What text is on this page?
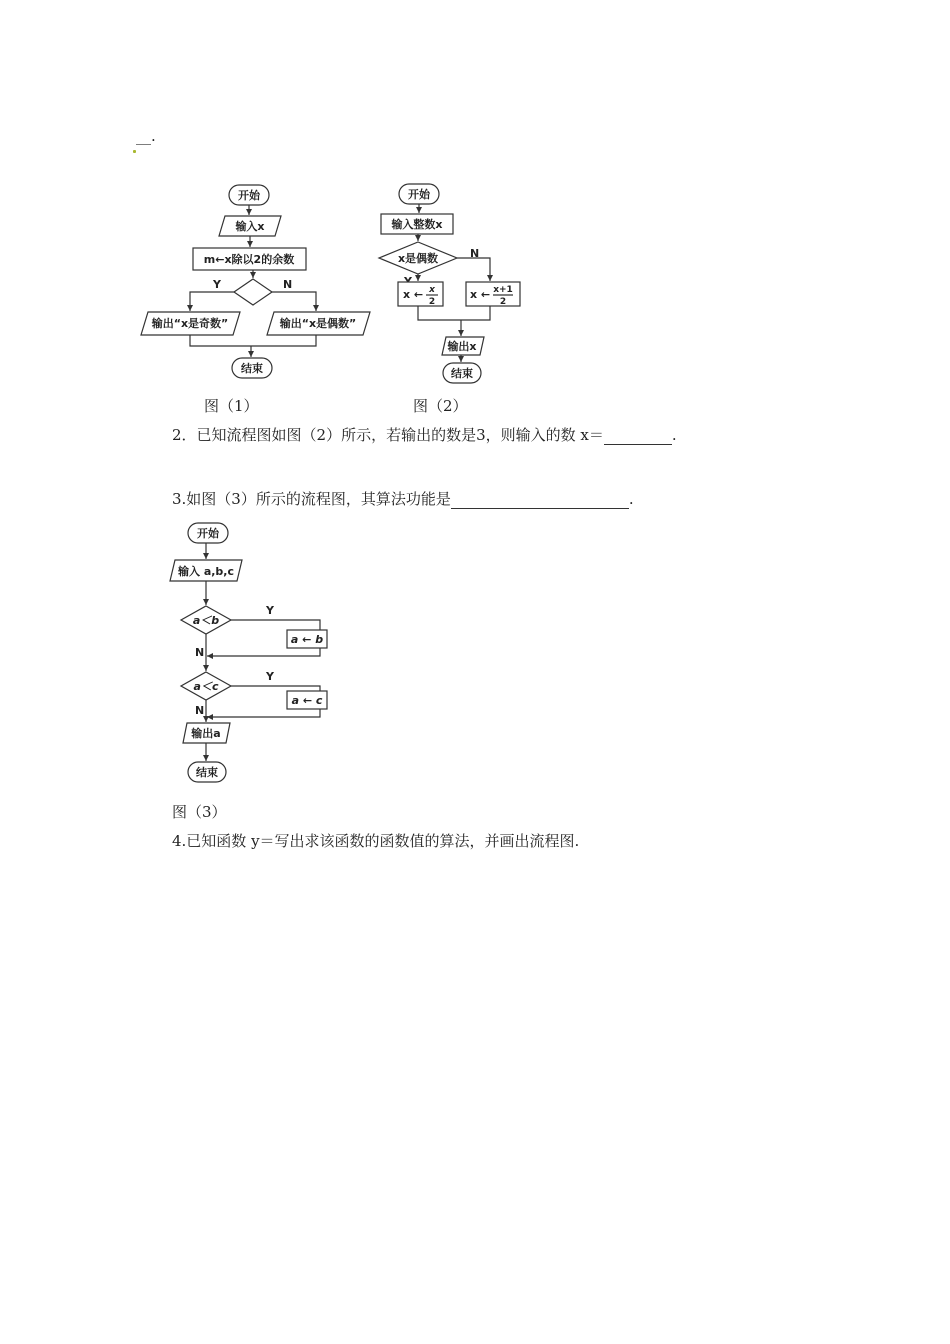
__.
开始
输入x
m←x除以2的余数
Y	N
输出“x是奇数”	输出“x是偶数”
结束
开始
输入整数x
x是偶数	N
x ← x
2
x ← x+1
2
输出x
结束
开始
输入 a,b,c
a＜b
Y
a ← b
N
a＜c
Y
a ← c
N
输出a
结束
图（1）	图（2）
2．已知流程图如图（2）所示，若输出的数是3，则输入的数 x＝	.
3.如图（3）所示的流程图，其算法功能是	.
图（3）
4.已知函数 y＝写出求该函数的函数值的算法，并画出流程图.
